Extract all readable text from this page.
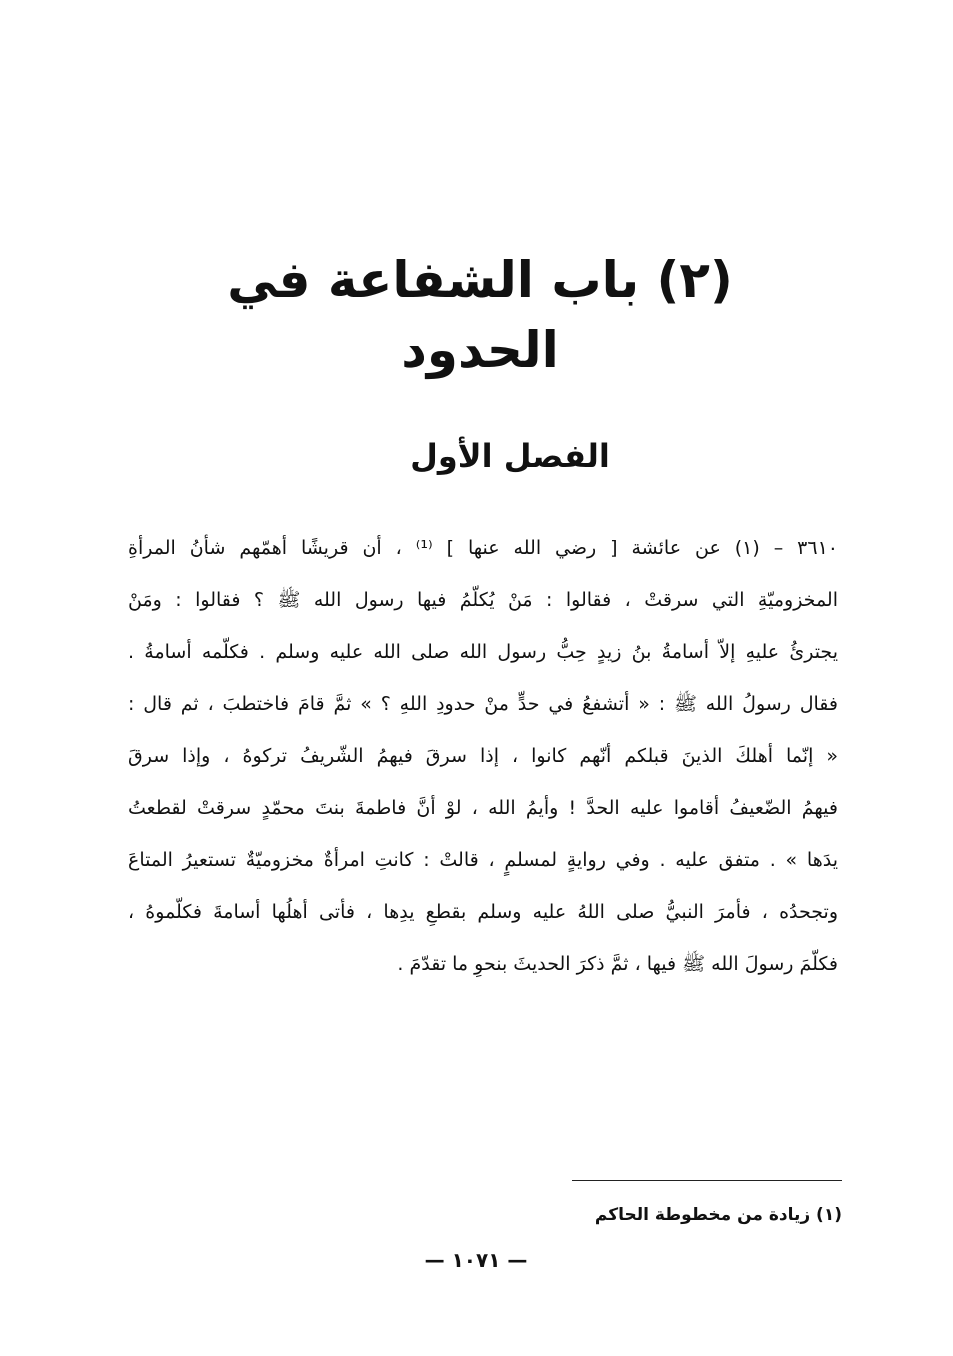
(٢) باب الشفاعة في الحدود
الفصل الأول
٣٦١٠ – (١) عن عائشة [ رضي الله عنها ] ⁽¹⁾ ، أن قريشًا أهمّهم شأنُ المرأةِ
المخزوميّةِ التي سرقتْ ، فقالوا : مَنْ يُكلّمُ فيها رسول الله ﷺ ؟ فقالوا : ومَنْ
يجترئُ عليهِ إلاّ أسامةُ بنُ زيدٍ حِبُّ رسول الله صلى الله عليه وسلم . فكلّمه أسامةُ .
فقال رسولُ الله ﷺ : « أتشفعُ في حدٍّ منْ حدودِ اللهِ ؟ » ثمَّ قامَ فاختطبَ ، ثم قال :
« إنّما أهلكَ الذينَ قبلكم أنّهم كانوا ، إذا سرقَ فيهمُ الشّريفُ تركوهُ ، وإذا سرقَ
فيهمُ الضّعيفُ أقاموا عليه الحدَّ ! وأيمُ الله ، لوْ أنَّ فاطمةَ بنتَ محمّدٍ سرقتْ لقطعتُ
يدَها » . متفق عليه . وفي روايةٍ لمسلمٍ ، قالتْ : كانتِ امرأةٌ مخزوميّةٌ تستعيرُ المتاعَ
وتجحدُه ، فأمرَ النبيُّ صلى اللهُ عليه وسلم بقطعِ يدِها ، فأتى أهلُها أسامةَ فكلّموهُ ،
فكلّمَ رسولَ الله ﷺ فيها ، ثمَّ ذكرَ الحديثَ بنحوِ ما تقدّمَ .
(١) زيادة من مخطوطة الحاكم
— ١٠٧١ —
